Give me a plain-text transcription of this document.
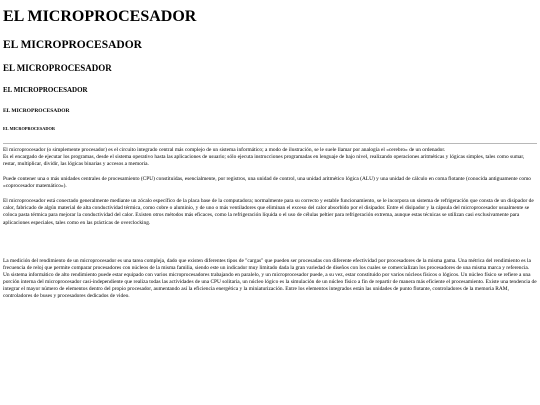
EL MICROPROCESADOR
EL MICROPROCESADOR
EL MICROPROCESADOR
EL MICROPROCESADOR
EL MICROPROCESADOR
EL MICROPROCESADOR

El microprocesador (o simplemente procesador) es el circuito integrado central más complejo de un sistema informático; a modo de ilustración, se le suele llamar por analogía el «cerebro» de un ordenador.

Es el encargado de ejecutar los programas, desde el sistema operativo hasta las aplicaciones de usuario; sólo ejecuta instrucciones programadas en lenguaje de bajo nivel, realizando operaciones aritméticas y lógicas simples, tales como sumar, restar, multiplicar, dividir, las lógicas binarias y accesos a memoria.

Puede contener una o más unidades centrales de procesamiento (CPU) constituidas, esencialmente, por registros, una unidad de control, una unidad aritmético lógica (ALU) y una unidad de cálculo en coma flotante (conocida antiguamente como «coprocesador matemático»).

El microprocesador está conectado generalmente mediante un zócalo específico de la placa base de la computadora; normalmente para su correcto y estable funcionamiento, se le incorpora un sistema de refrigeración que consta de un disipador de calor, fabricado de algún material de alta conductividad térmica, como cobre o aluminio, y de uno o más ventiladores que eliminan el exceso del calor absorbido por el disipador. Entre el disipador y la cápsula del microprocesador usualmente se coloca pasta térmica para mejorar la conductividad del calor. Existen otros métodos más eficaces, como la refrigeración líquida o el uso de células peltier para refrigeración extrema, aunque estas técnicas se utilizan casi exclusivamente para aplicaciones especiales, tales como en las prácticas de overclocking.

La medición del rendimiento de un microprocesador es una tarea compleja, dado que existen diferentes tipos de "cargas" que pueden ser procesadas con diferente efectividad por procesadores de la misma gama. Una métrica del rendimiento es la frecuencia de reloj que permite comparar procesadores con núcleos de la misma familia, siendo este un indicador muy limitado dada la gran variedad de diseños con los cuales se comercializan los procesadores de una misma marca y referencia. Un sistema informático de alto rendimiento puede estar equipado con varios microprocesadores trabajando en paralelo, y un microprocesador puede, a su vez, estar constituido por varios núcleos físicos o lógicos. Un núcleo físico se refiere a una porción interna del microprocesador casi-independiente que realiza todas las actividades de una CPU solitaria, un núcleo lógico es la simulación de un núcleo físico a fin de repartir de manera más eficiente el procesamiento. Existe una tendencia de integrar el mayor número de elementos dentro del propio procesador, aumentando así la eficiencia energética y la miniaturización. Entre los elementos integrados están las unidades de punto flotante, controladores de la memoria RAM, controladores de buses y procesadores dedicados de video.
